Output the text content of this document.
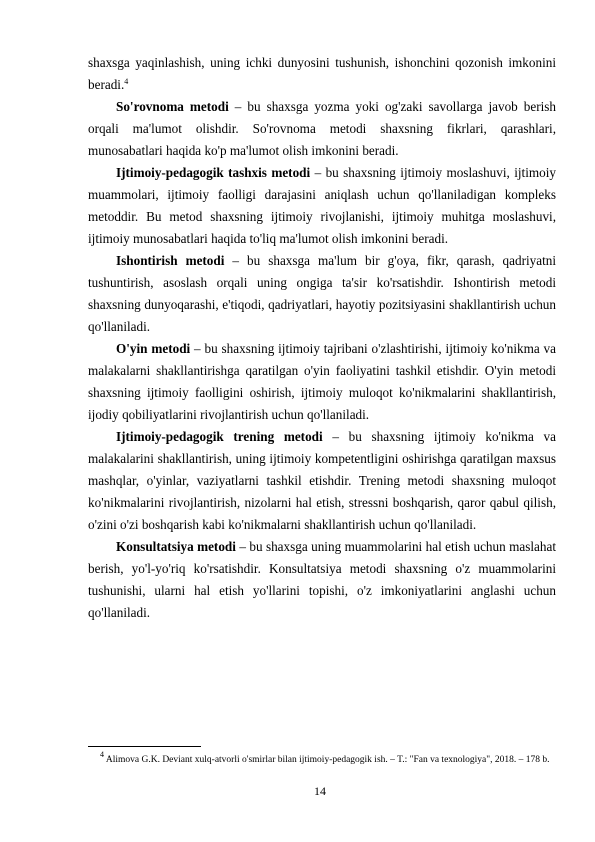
shaxsga yaqinlashish, uning ichki dunyosini tushunish, ishonchini qozonish imkonini beradi.$^4$

So'rovnoma metodi – bu shaxsga yozma yoki og'zaki savollarga javob berish orqali ma'lumot olishdir. So'rovnoma metodi shaxsning fikrlari, qarashlari, munosabatlari haqida ko'p ma'lumot olish imkonini beradi.

Ijtimoiy-pedagogik tashxis metodi – bu shaxsning ijtimoiy moslashuvi, ijtimoiy muammolari, ijtimoiy faolligi darajasini aniqlash uchun qo'llaniladigan kompleks metoddir. Bu metod shaxsning ijtimoiy rivojlanishi, ijtimoiy muhitga moslashuvi, ijtimoiy munosabatlari haqida to'liq ma'lumot olish imkonini beradi.

Ishontirish metodi – bu shaxsga ma'lum bir g'oya, fikr, qarash, qadriyatni tushuntirish, asoslash orqali uning ongiga ta'sir ko'rsatishdir. Ishontirish metodi shaxsning dunyoqarashi, e'tiqodi, qadriyatlari, hayotiy pozitsiyasini shakllantirish uchun qo'llaniladi.

O'yin metodi – bu shaxsning ijtimoiy tajribani o'zlashtirishi, ijtimoiy ko'nikma va malakalarni shakllantirishga qaratilgan o'yin faoliyatini tashkil etishdir. O'yin metodi shaxsning ijtimoiy faolligini oshirish, ijtimoiy muloqot ko'nikmalarini shakllantirish, ijodiy qobiliyatlarini rivojlantirish uchun qo'llaniladi.

Ijtimoiy-pedagogik trening metodi – bu shaxsning ijtimoiy ko'nikma va malakalarini shakllantirish, uning ijtimoiy kompetentligini oshirishga qaratilgan maxsus mashqlar, o'yinlar, vaziyatlarni tashkil etishdir. Trening metodi shaxsning muloqot ko'nikmalarini rivojlantirish, nizolarni hal etish, stressni boshqarish, qaror qabul qilish, o'zini o'zi boshqarish kabi ko'nikmalarni shakllantirish uchun qo'llaniladi.

Konsultatsiya metodi – bu shaxsga uning muammolarini hal etish uchun maslahat berish, yo'l-yo'riq ko'rsatishdir. Konsultatsiya metodi shaxsning o'z muammolarini tushunishi, ularni hal etish yo'llarini topishi, o'z imkoniyatlarini anglashi uchun qo'llaniladi.

$^4$ Alimova G.K. Deviant xulq-atvorli o'smirlar bilan ijtimoiy-pedagogik ish. – T.: "Fan va texnologiya", 2018. – 178 b.
14
